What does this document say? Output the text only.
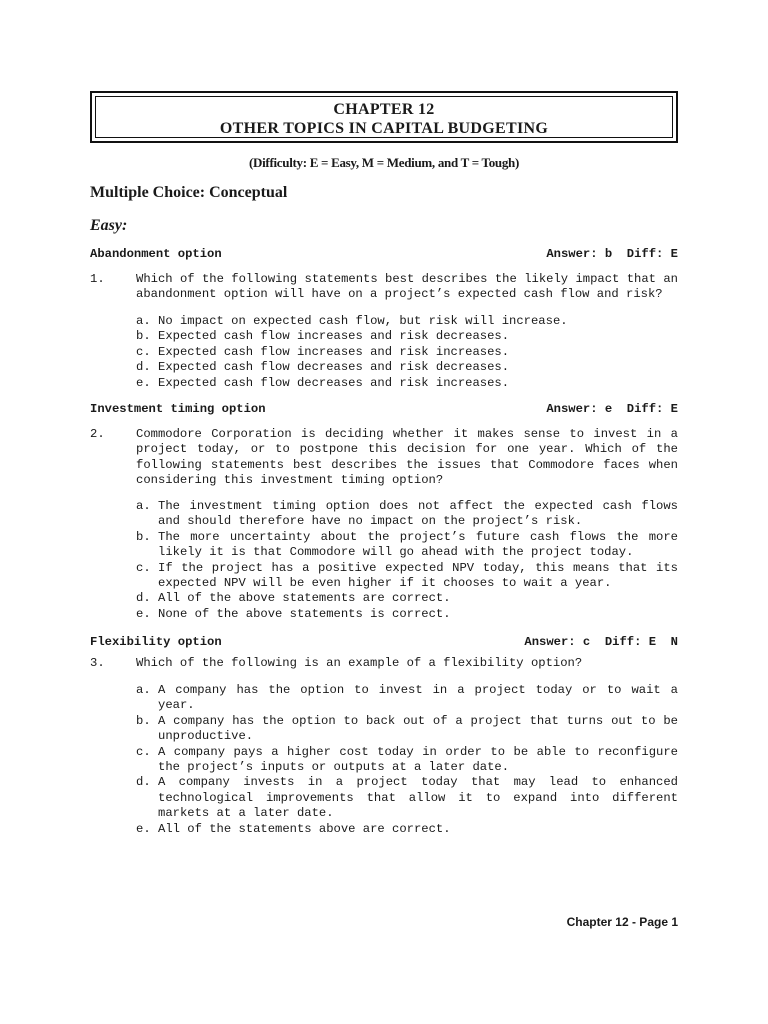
CHAPTER 12
OTHER TOPICS IN CAPITAL BUDGETING
(Difficulty: E = Easy, M = Medium, and T = Tough)
Multiple Choice: Conceptual
Easy:
Abandonment option	Answer: b  Diff: E
1.	Which of the following statements best describes the likely impact that an abandonment option will have on a project’s expected cash flow and risk?
a. No impact on expected cash flow, but risk will increase.
b. Expected cash flow increases and risk decreases.
c. Expected cash flow increases and risk increases.
d. Expected cash flow decreases and risk decreases.
e. Expected cash flow decreases and risk increases.
Investment timing option	Answer: e  Diff: E
2.	Commodore Corporation is deciding whether it makes sense to invest in a project today, or to postpone this decision for one year. Which of the following statements best describes the issues that Commodore faces when considering this investment timing option?
a. The investment timing option does not affect the expected cash flows and should therefore have no impact on the project’s risk.
b. The more uncertainty about the project’s future cash flows the more likely it is that Commodore will go ahead with the project today.
c. If the project has a positive expected NPV today, this means that its expected NPV will be even higher if it chooses to wait a year.
d. All of the above statements are correct.
e. None of the above statements is correct.
Flexibility option	Answer: c  Diff: E  N
3.	Which of the following is an example of a flexibility option?
a. A company has the option to invest in a project today or to wait a year.
b. A company has the option to back out of a project that turns out to be unproductive.
c. A company pays a higher cost today in order to be able to reconfigure the project’s inputs or outputs at a later date.
d. A company invests in a project today that may lead to enhanced technological improvements that allow it to expand into different markets at a later date.
e. All of the statements above are correct.
Chapter 12 - Page 1
